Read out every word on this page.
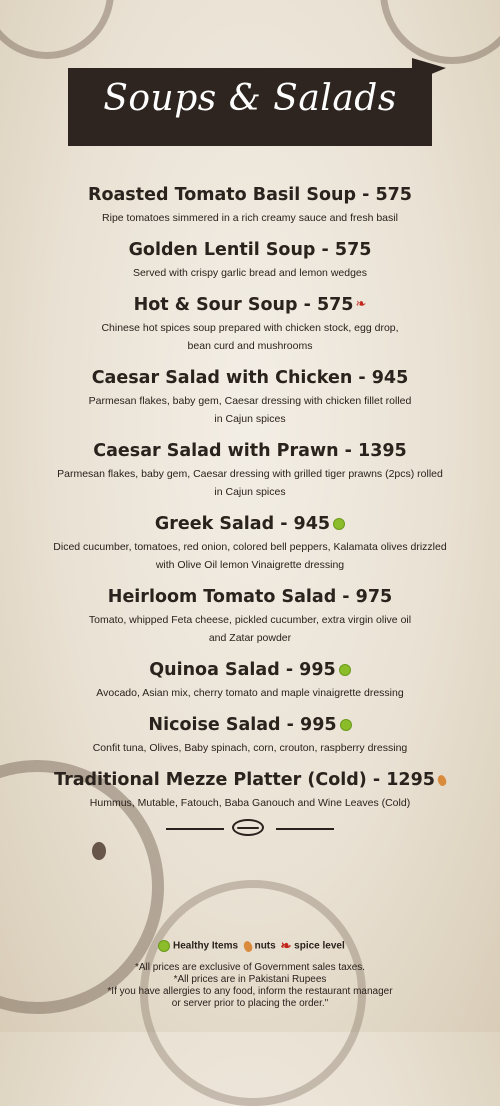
Soups & Salads
Roasted Tomato Basil Soup - 575

Ripe tomatoes simmered in a rich creamy sauce and fresh basil

Golden Lentil Soup - 575

Served with crispy garlic bread and lemon wedges

Hot & Sour Soup - 575 ❧

Chinese hot spices soup prepared with chicken stock, egg drop,
bean curd and mushrooms

Caesar Salad with Chicken - 945

Parmesan flakes, baby gem, Caesar dressing with chicken fillet rolled
in Cajun spices

Caesar Salad with Prawn - 1395

Parmesan flakes, baby gem, Caesar dressing with grilled tiger prawns (2pcs) rolled
in Cajun spices

Greek Salad - 945

Diced cucumber, tomatoes, red onion, colored bell peppers, Kalamata olives drizzled
with Olive Oil lemon Vinaigrette dressing

Heirloom Tomato Salad - 975

Tomato, whipped Feta cheese, pickled cucumber, extra virgin olive oil
and Zatar powder

Quinoa Salad - 995

Avocado, Asian mix, cherry tomato and maple vinaigrette dressing

Nicoise Salad - 995

Confit tuna, Olives, Baby spinach, corn, crouton, raspberry dressing

Traditional Mezze Platter (Cold) - 1295

Hummus, Mutable, Fatouch, Baba Ganouch and Wine Leaves (Cold)

Healthy Items nuts ❧ spice level
*All prices are exclusive of Government sales taxes.
*All prices are in Pakistani Rupees
*If you have allergies to any food, inform the restaurant manager
or server prior to placing the order."
